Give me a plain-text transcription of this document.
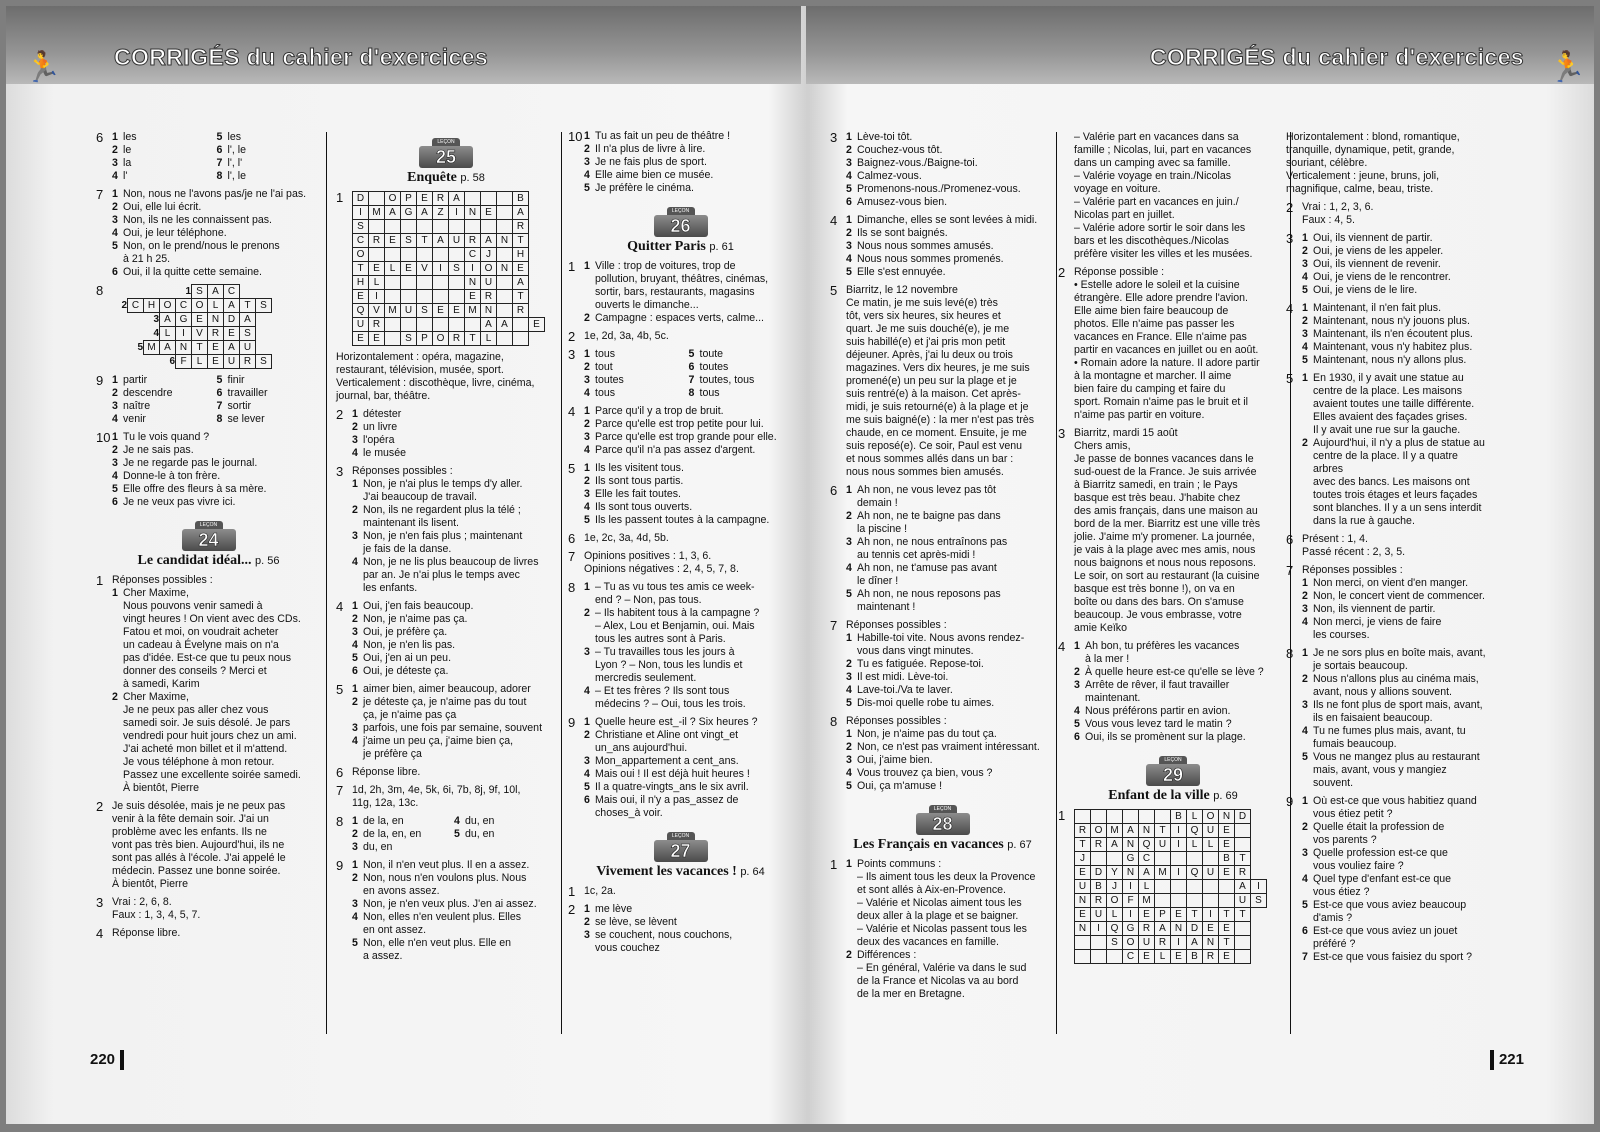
🏃 CORRIGÉS du cahier d'exercices
6 1 les	5 les
2 le	6 l', le
3 la	7 l', l'
4 l'	8 l', le
7 1 Non, nous ne l'avons pas/je ne l'ai pas.
2 Oui, elle lui écrit.
3 Non, ils ne les connaissent pas.
4 Oui, je leur téléphone.
5 Non, on le prend/nous le prenons
à 21 h 25.
6 Oui, il la quitte cette semaine.
8
					1	S	A	C		
2	C	H	O	C	O	L	A	T	S
		3	A	G	E	N	D	A	
		4	L	I	V	R	E	S	
	5	M	A	N	T	E	A	U	
			6	F	L	E	U	R	S
9 1 partir	5 finir
2 descendre	6 travailler
3 naître	7 sortir
4 venir	8 se lever
10 1 Tu le vois quand ?
2 Je ne sais pas.
3 Je ne regarde pas le journal.
4 Donne-le à ton frère.
5 Elle offre des fleurs à sa mère.
6 Je ne veux pas vivre ici.
LEÇON
24
Le candidat idéal... p. 56
1 Réponses possibles :
1 Cher Maxime,
Nous pouvons venir samedi à
vingt heures ! On vient avec des CDs.
Fatou et moi, on voudrait acheter
un cadeau à Évelyne mais on n'a
pas d'idée. Est-ce que tu peux nous
donner des conseils ? Merci et
à samedi, Karim
2 Cher Maxime,
Je ne peux pas aller chez vous
samedi soir. Je suis désolé. Je pars
vendredi pour huit jours chez un ami.
J'ai acheté mon billet et il m'attend.
Je vous téléphone à mon retour.
Passez une excellente soirée samedi.
À bientôt, Pierre
2 Je suis désolée, mais je ne peux pas
venir à la fête demain soir. J'ai un
problème avec les enfants. Ils ne
vont pas très bien. Aujourd'hui, ils ne
sont pas allés à l'école. J'ai appelé le
médecin. Passez une bonne soirée.
À bientôt, Pierre
3 Vrai : 2, 6, 8.
Faux : 1, 3, 4, 5, 7.
4 Réponse libre.
LEÇON
25
Enquête p. 58
1	D		O	P	E	R	A				B	
I	M	A	G	A	Z	I	N	E		A	
S										R	
C	R	E	S	T	A	U	R	A	N	T	
O							C	J		H	
T	E	L	E	V	I	S	I	O	N	E	
H	L						N	U		A	
E	I						E	R		T	
Q	V	M	U	S	E	E	M	N		R	
U	R							A	A		E
E	E		S	P	O	R	T	L			

Horizontalement : opéra, magazine, restaurant, télévision, musée, sport.

Verticalement : discothèque, livre, cinéma, journal, bar, théâtre.

2 1 détester
2 un livre
3 l'opéra
4 le musée
3 Réponses possibles :
1 Non, je n'ai plus le temps d'y aller.
J'ai beaucoup de travail.
2 Non, ils ne regardent plus la télé ;
maintenant ils lisent.
3 Non, je n'en fais plus ; maintenant
je fais de la danse.
4 Non, je ne lis plus beaucoup de livres
par an. Je n'ai plus le temps avec
les enfants.
4 1 Oui, j'en fais beaucoup.
2 Non, je n'aime pas ça.
3 Oui, je préfère ça.
4 Non, je n'en lis pas.
5 Oui, j'en ai un peu.
6 Oui, je déteste ça.
5 1 aimer bien, aimer beaucoup, adorer
2 je déteste ça, je n'aime pas du tout
ça, je n'aime pas ça
3 parfois, une fois par semaine, souvent
4 j'aime un peu ça, j'aime bien ça,
je préfère ça
6 Réponse libre.
7 1d, 2h, 3m, 4e, 5k, 6i, 7b, 8j, 9f, 10l,
11g, 12a, 13c.
8 1 de la, en	4 du, en
2 de la, en, en	5 du, en
3 du, en
9 1 Non, il n'en veut plus. Il en a assez.
2 Non, nous n'en voulons plus. Nous
en avons assez.
3 Non, je n'en veux plus. J'en ai assez.
4 Non, elles n'en veulent plus. Elles
en ont assez.
5 Non, elle n'en veut plus. Elle en
a assez.
10 1 Tu as fait un peu de théâtre !
2 Il n'a plus de livre à lire.
3 Je ne fais plus de sport.
4 Elle aime bien ce musée.
5 Je préfère le cinéma.
LEÇON
26
Quitter Paris p. 61
1 1 Ville : trop de voitures, trop de
pollution, bruyant, théâtres, cinémas,
sortir, bars, restaurants, magasins
ouverts le dimanche...
2 Campagne : espaces verts, calme...
2 1e, 2d, 3a, 4b, 5c.
3 1 tous	5 toute
2 tout	6 toutes
3 toutes	7 toutes, tous
4 tous	8 tous
4 1 Parce qu'il y a trop de bruit.
2 Parce qu'elle est trop petite pour lui.
3 Parce qu'elle est trop grande pour elle.
4 Parce qu'il n'a pas assez d'argent.
5 1 Ils les visitent tous.
2 Ils sont tous partis.
3 Elle les fait toutes.
4 Ils sont tous ouverts.
5 Ils les passent toutes à la campagne.
6 1e, 2c, 3a, 4d, 5b.
7 Opinions positives : 1, 3, 6.
Opinions négatives : 2, 4, 5, 7, 8.
8 1 – Tu as vu tous tes amis ce week-
end ? – Non, pas tous.
2 – Ils habitent tous à la campagne ?
– Alex, Lou et Benjamin, oui. Mais
tous les autres sont à Paris.
3 – Tu travailles tous les jours à
Lyon ? – Non, tous les lundis et
mercredis seulement.
4 – Et tes frères ? Ils sont tous
médecins ? – Oui, tous les trois.
9 1 Quelle heure est_-il ? Six heures ?
2 Christiane et Aline ont vingt_et
un_ans aujourd'hui.
3 Mon_appartement a cent_ans.
4 Mais oui ! Il est déjà huit heures !
5 Il a quatre-vingts_ans le six avril.
6 Mais oui, il n'y a pas_assez de
choses_à voir.
LEÇON
27
Vivement les vacances ! p. 64
1 1c, 2a.
2 1 me lève
2 se lève, se lèvent
3 se couchent, nous couchons,
vous couchez
220
CORRIGÉS du cahier d'exercices 🏃
3 1 Lève-toi tôt.
2 Couchez-vous tôt.
3 Baignez-vous./Baigne-toi.
4 Calmez-vous.
5 Promenons-nous./Promenez-vous.
6 Amusez-vous bien.
4 1 Dimanche, elles se sont levées à midi.
2 Ils se sont baignés.
3 Nous nous sommes amusés.
4 Nous nous sommes promenés.
5 Elle s'est ennuyée.
5 Biarritz, le 12 novembre
Ce matin, je me suis levé(e) très
tôt, vers six heures, six heures et
quart. Je me suis douché(e), je me
suis habillé(e) et j'ai pris mon petit
déjeuner. Après, j'ai lu deux ou trois
magazines. Vers dix heures, je me suis
promené(e) un peu sur la plage et je
suis rentré(e) à la maison. Cet après-
midi, je suis retourné(e) à la plage et je
me suis baigné(e) : la mer n'est pas très
chaude, en ce moment. Ensuite, je me
suis reposé(e). Ce soir, Paul est venu
et nous sommes allés dans un bar :
nous nous sommes bien amusés.
6 1 Ah non, ne vous levez pas tôt
demain !
2 Ah non, ne te baigne pas dans
la piscine !
3 Ah non, ne nous entraînons pas
au tennis cet après-midi !
4 Ah non, ne t'amuse pas avant
le dîner !
5 Ah non, ne nous reposons pas
maintenant !
7 Réponses possibles :
1 Habille-toi vite. Nous avons rendez-
vous dans vingt minutes.
2 Tu es fatiguée. Repose-toi.
3 Il est midi. Lève-toi.
4 Lave-toi./Va te laver.
5 Dis-moi quelle robe tu aimes.
8 Réponses possibles :
1 Non, je n'aime pas du tout ça.
2 Non, ce n'est pas vraiment intéressant.
3 Oui, j'aime bien.
4 Vous trouvez ça bien, vous ?
5 Oui, ça m'amuse !
LEÇON
28
Les Français en vacances p. 67
1 1 Points communs :
– Ils aiment tous les deux la Provence
et sont allés à Aix-en-Provence.
– Valérie et Nicolas aiment tous les
deux aller à la plage et se baigner.
– Valérie et Nicolas passent tous les
deux des vacances en famille.
2 Différences :
– En général, Valérie va dans le sud
de la France et Nicolas va au bord
de la mer en Bretagne.
– Valérie part en vacances dans sa
famille ; Nicolas, lui, part en vacances
dans un camping avec sa famille.
– Valérie voyage en train./Nicolas
voyage en voiture.
– Valérie part en vacances en juin./
Nicolas part en juillet.
– Valérie adore sortir le soir dans les
bars et les discothèques./Nicolas
préfère visiter les villes et les musées.
2 Réponse possible :
• Estelle adore le soleil et la cuisine
étrangère. Elle adore prendre l'avion.
Elle aime bien faire beaucoup de
photos. Elle n'aime pas passer les
vacances en France. Elle n'aime pas
partir en vacances en juillet ou en août.
• Romain adore la nature. Il adore partir
à la montagne et marcher. Il aime
bien faire du camping et faire du
sport. Romain n'aime pas le bruit et il
n'aime pas partir en voiture.
3 Biarritz, mardi 15 août
Chers amis,
Je passe de bonnes vacances dans le
sud-ouest de la France. Je suis arrivée
à Biarritz samedi, en train ; le Pays
basque est très beau. J'habite chez
des amis français, dans une maison au
bord de la mer. Biarritz est une ville très
jolie. J'aime m'y promener. La journée,
je vais à la plage avec mes amis, nous
nous baignons et nous nous reposons.
Le soir, on sort au restaurant (la cuisine
basque est très bonne !), on va en
boîte ou dans des bars. On s'amuse
beaucoup. Je vous embrasse, votre
amie Keïko
4 1 Ah bon, tu préfères les vacances
à la mer !
2 À quelle heure est-ce qu'elle se lève ?
3 Arrête de rêver, il faut travailler
maintenant.
4 Nous préférons partir en avion.
5 Vous vous levez tard le matin ?
6 Oui, ils se promènent sur la plage.
LEÇON
29
Enfant de la ville p. 69
1
							B	L	O	N	D	
R	O	M	A	N	T	I	Q	U	E		
T	R	A	N	Q	U	I	L	L	E		
J			G	C					B	T	
E	D	Y	N	A	M	I	Q	U	E	R	
U	B	J	I	L						A	I
N	R	O	F	M						U	S
E	U	L	I	E	P	E	T	I	T	T	
N	I	Q	G	R	A	N	D	E	E		
		S	O	U	R	I	A	N	T		
			C	E	L	E	B	R	E		

Horizontalement : blond, romantique, tranquille, dynamique, petit, grande, souriant, célèbre.

Verticalement : jeune, bruns, joli, magnifique, calme, beau, triste.

2 Vrai : 1, 2, 3, 6.
Faux : 4, 5.
3 1 Oui, ils viennent de partir.
2 Oui, je viens de les appeler.
3 Oui, ils viennent de revenir.
4 Oui, je viens de le rencontrer.
5 Oui, je viens de le lire.
4 1 Maintenant, il n'en fait plus.
2 Maintenant, nous n'y jouons plus.
3 Maintenant, ils n'en écoutent plus.
4 Maintenant, vous n'y habitez plus.
5 Maintenant, nous n'y allons plus.
5 1 En 1930, il y avait une statue au
centre de la place. Les maisons
avaient toutes une taille différente.
Elles avaient des façades grises.
Il y avait une rue sur la gauche.
2 Aujourd'hui, il n'y a plus de statue au
centre de la place. Il y a quatre arbres
avec des bancs. Les maisons ont
toutes trois étages et leurs façades
sont blanches. Il y a un sens interdit
dans la rue à gauche.
6 Présent : 1, 4.
Passé récent : 2, 3, 5.
7 Réponses possibles :
1 Non merci, on vient d'en manger.
2 Non, le concert vient de commencer.
3 Non, ils viennent de partir.
4 Non merci, je viens de faire
les courses.
8 1 Je ne sors plus en boîte mais, avant,
je sortais beaucoup.
2 Nous n'allons plus au cinéma mais,
avant, nous y allions souvent.
3 Ils ne font plus de sport mais, avant,
ils en faisaient beaucoup.
4 Tu ne fumes plus mais, avant, tu
fumais beaucoup.
5 Vous ne mangez plus au restaurant
mais, avant, vous y mangiez souvent.
9 1 Où est-ce que vous habitiez quand
vous étiez petit ?
2 Quelle était la profession de
vos parents ?
3 Quelle profession est-ce que
vous vouliez faire ?
4 Quel type d'enfant est-ce que
vous étiez ?
5 Est-ce que vous aviez beaucoup
d'amis ?
6 Est-ce que vous aviez un jouet
préféré ?
7 Est-ce que vous faisiez du sport ?
221
